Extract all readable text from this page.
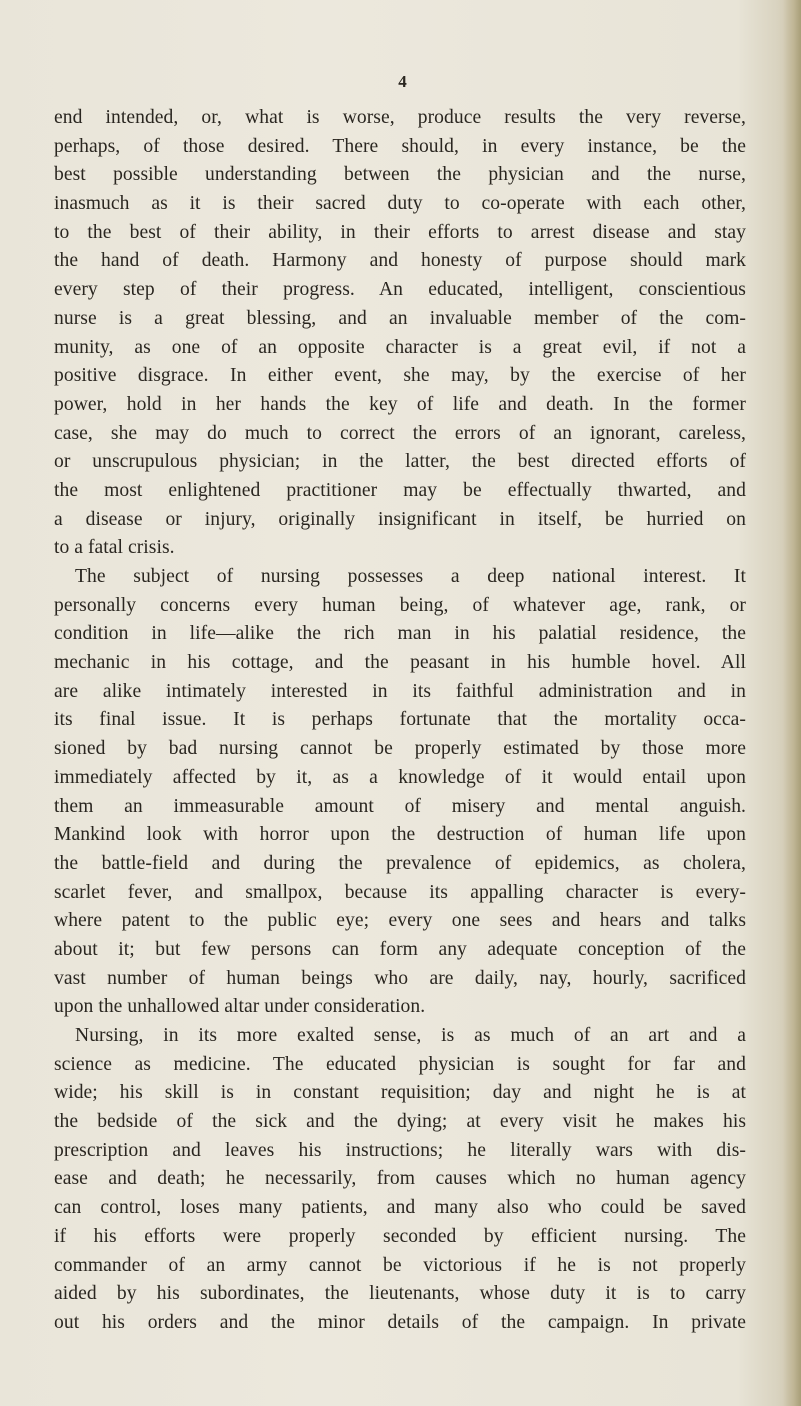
4
end intended, or, what is worse, produce results the very reverse,
perhaps, of those desired. There should, in every instance, be the
best possible understanding between the physician and the nurse,
inasmuch as it is their sacred duty to co-operate with each other,
to the best of their ability, in their efforts to arrest disease and stay
the hand of death. Harmony and honesty of purpose should mark
every step of their progress. An educated, intelligent, conscientious
nurse is a great blessing, and an invaluable member of the com-
munity, as one of an opposite character is a great evil, if not a
positive disgrace. In either event, she may, by the exercise of her
power, hold in her hands the key of life and death. In the former
case, she may do much to correct the errors of an ignorant, careless,
or unscrupulous physician; in the latter, the best directed efforts of
the most enlightened practitioner may be effectually thwarted, and
a disease or injury, originally insignificant in itself, be hurried on
to a fatal crisis.
The subject of nursing possesses a deep national interest. It
personally concerns every human being, of whatever age, rank, or
condition in life—alike the rich man in his palatial residence, the
mechanic in his cottage, and the peasant in his humble hovel. All
are alike intimately interested in its faithful administration and in
its final issue. It is perhaps fortunate that the mortality occa-
sioned by bad nursing cannot be properly estimated by those more
immediately affected by it, as a knowledge of it would entail upon
them an immeasurable amount of misery and mental anguish.
Mankind look with horror upon the destruction of human life upon
the battle-field and during the prevalence of epidemics, as cholera,
scarlet fever, and smallpox, because its appalling character is every-
where patent to the public eye; every one sees and hears and talks
about it; but few persons can form any adequate conception of the
vast number of human beings who are daily, nay, hourly, sacrificed
upon the unhallowed altar under consideration.
Nursing, in its more exalted sense, is as much of an art and a
science as medicine. The educated physician is sought for far and
wide; his skill is in constant requisition; day and night he is at
the bedside of the sick and the dying; at every visit he makes his
prescription and leaves his instructions; he literally wars with dis-
ease and death; he necessarily, from causes which no human agency
can control, loses many patients, and many also who could be saved
if his efforts were properly seconded by efficient nursing. The
commander of an army cannot be victorious if he is not properly
aided by his subordinates, the lieutenants, whose duty it is to carry
out his orders and the minor details of the campaign. In private
